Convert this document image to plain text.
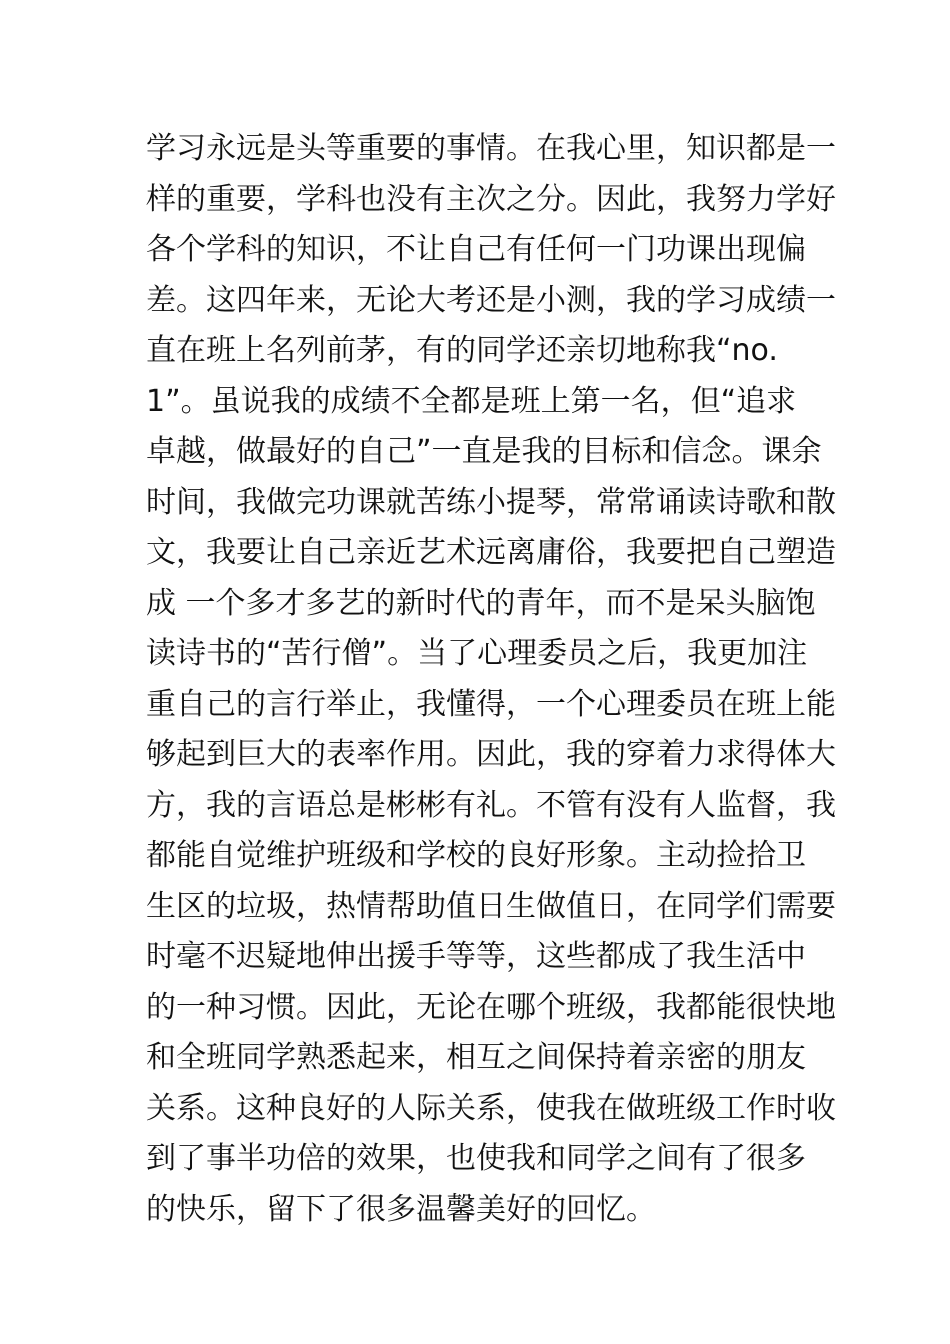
学习永远是头等重要的事情。在我心里，知识都是一
样的重要，学科也没有主次之分。因此，我努力学好
各个学科的知识，不让自己有任何一门功课出现偏
差。这四年来，无论大考还是小测，我的学习成绩一
直在班上名列前茅，有的同学还亲切地称我“no.
1”。虽说我的成绩不全都是班上第一名，但“追求
卓越，做最好的自己”一直是我的目标和信念。课余
时间，我做完功课就苦练小提琴，常常诵读诗歌和散
文，我要让自己亲近艺术远离庸俗，我要把自己塑造
成 一个多才多艺的新时代的青年，而不是呆头脑饱
读诗书的“苦行僧”。当了心理委员之后，我更加注
重自己的言行举止，我懂得，一个心理委员在班上能
够起到巨大的表率作用。因此，我的穿着力求得体大
方，我的言语总是彬彬有礼。不管有没有人监督，我
都能自觉维护班级和学校的良好形象。主动捡拾卫
生区的垃圾，热情帮助值日生做值日，在同学们需要
时毫不迟疑地伸出援手等等，这些都成了我生活中
的一种习惯。因此，无论在哪个班级，我都能很快地
和全班同学熟悉起来，相互之间保持着亲密的朋友
关系。这种良好的人际关系，使我在做班级工作时收
到了事半功倍的效果，也使我和同学之间有了很多
的快乐，留下了很多温馨美好的回忆。
